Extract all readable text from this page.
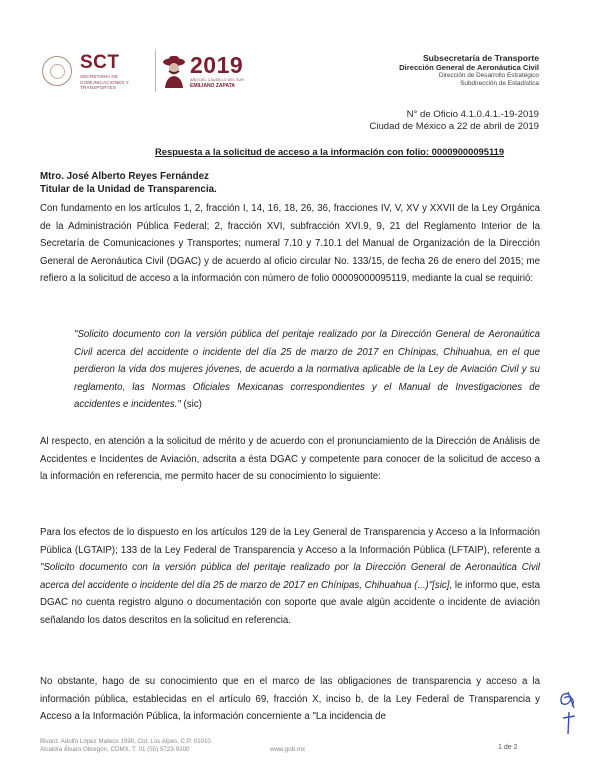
SCT
SECRETARÍA DE COMUNICACIONES Y TRANSPORTES
2019
AÑO DEL CAUDILLO DEL SUR
EMILIANO ZAPATA
Subsecretaría de Transporte
Dirección General de Aeronáutica Civil
Dirección de Desarrollo Estratégico
Subdirección de Estadística
N° de Oficio 4.1.0.4.1.-19-2019
Ciudad de México a 22 de abril de 2019
Respuesta a la solicitud de acceso a la información con folio: 00009000095119
Mtro. José Alberto Reyes Fernández
Titular de la Unidad de Transparencia.
Con fundamento en los artículos 1, 2, fracción I, 14, 16, 18, 26, 36, fracciones IV, V, XV y XXVII de la Ley Orgánica de la Administración Pública Federal; 2, fracción XVI, subfracción XVI.9, 9, 21 del Reglamento Interior de la Secretaría de Comunicaciones y Transportes; numeral 7.10 y 7.10.1 del Manual de Organización de la Dirección General de Aeronáutica Civil (DGAC) y de acuerdo al oficio circular No. 133/15, de fecha 26 de enero del 2015; me refiero a la solicitud de acceso a la información con número de folio 00009000095119, mediante la cual se requirió:
"Solicito documento con la versión pública del peritaje realizado por la Dirección General de Aeronaútica Civil acerca del accidente o incidente del día 25 de marzo de 2017 en Chínipas, Chihuahua, en el que perdieron la vida dos mujeres jóvenes, de acuerdo a la normativa aplicable de la Ley de Aviación Civil y su reglamento, las Normas Oficiales Mexicanas correspondientes y el Manual de Investigaciones de accidentes e incidentes." (sic)
Al respecto, en atención a la solicitud de mérito y de acuerdo con el pronunciamiento de la Dirección de Análisis de Accidentes e Incidentes de Aviación, adscrita a ésta DGAC y competente para conocer de la solicitud de acceso a la información en referencia, me permito hacer de su conocimiento lo siguiente:
Para los efectos de lo dispuesto en los artículos 129 de la Ley General de Transparencia y Acceso a la Información Pública (LGTAIP); 133 de la Ley Federal de Transparencia y Acceso a la Información Pública (LFTAIP), referente a "Solicito documento con la versión pública del peritaje realizado por la Dirección General de Aeronaútica Civil acerca del accidente o incidente del día 25 de marzo de 2017 en Chínipas, Chihuahua (...)"[sic], le informo que, esta DGAC no cuenta registro alguno o documentación con soporte que avale algún accidente o incidente de aviación señalando los datos descritos en la solicitud en referencia.
No obstante, hago de su conocimiento que en el marco de las obligaciones de transparencia y acceso a la información pública, establecidas en el artículo 69, fracción X, inciso b, de la Ley Federal de Transparencia y Acceso a la Información Pública, la información concerniente a "La incidencia de
Blvard. Adolfo López Mateos 1990, Col. Los Alpes, C.P. 01010
Alcaldía Álvaro Obregón, CDMX. T: 01 (55) 5723-9300	www.gob.mx	1 de 2
